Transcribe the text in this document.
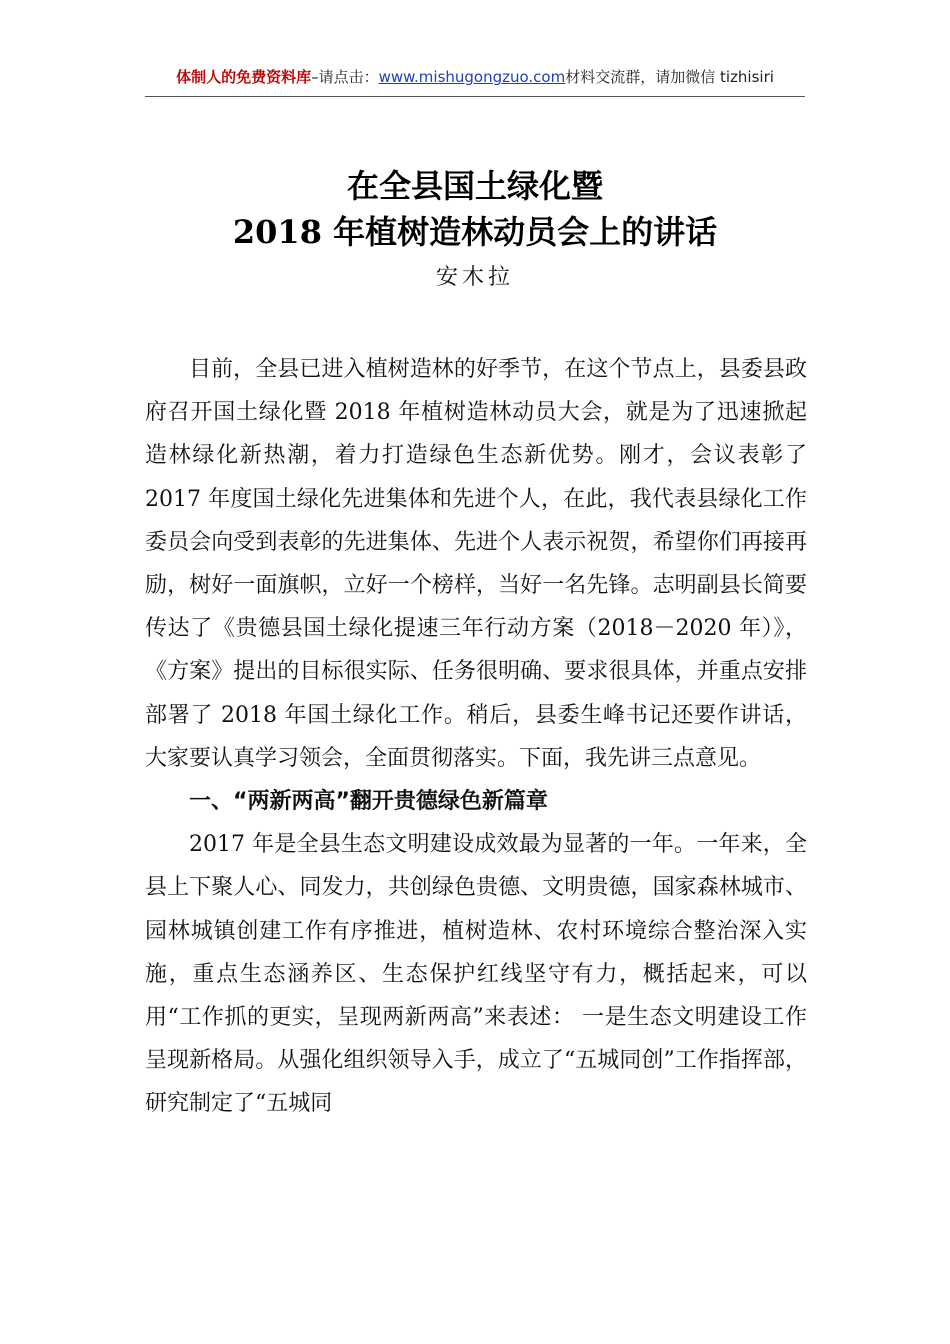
体制人的免费资料库–请点击：www.mishugongzuo.com材料交流群，请加微信 tizhisiri
在全县国土绿化暨
2018 年植树造林动员会上的讲话
安木拉

目前，全县已进入植树造林的好季节，在这个节点上，县委县政府召开国土绿化暨 2018 年植树造林动员大会，就是为了迅速掀起造林绿化新热潮，着力打造绿色生态新优势。刚才，会议表彰了 2017 年度国土绿化先进集体和先进个人，在此，我代表县绿化工作委员会向受到表彰的先进集体、先进个人表示祝贺，希望你们再接再励，树好一面旗帜，立好一个榜样，当好一名先锋。志明副县长简要传达了《贵德县国土绿化提速三年行动方案（2018－2020 年）》，《方案》提出的目标很实际、任务很明确、要求很具体，并重点安排部署了 2018 年国土绿化工作。稍后，县委生峰书记还要作讲话，大家要认真学习领会，全面贯彻落实。下面，我先讲三点意见。

一、“两新两高”翻开贵德绿色新篇章

2017 年是全县生态文明建设成效最为显著的一年。一年来，全县上下聚人心、同发力，共创绿色贵德、文明贵德，国家森林城市、园林城镇创建工作有序推进，植树造林、农村环境综合整治深入实施，重点生态涵养区、生态保护红线坚守有力，概括起来，可以用“工作抓的更实，呈现两新两高”来表述： 一是生态文明建设工作呈现新格局。从强化组织领导入手，成立了“五城同创”工作指挥部，研究制定了“五城同
